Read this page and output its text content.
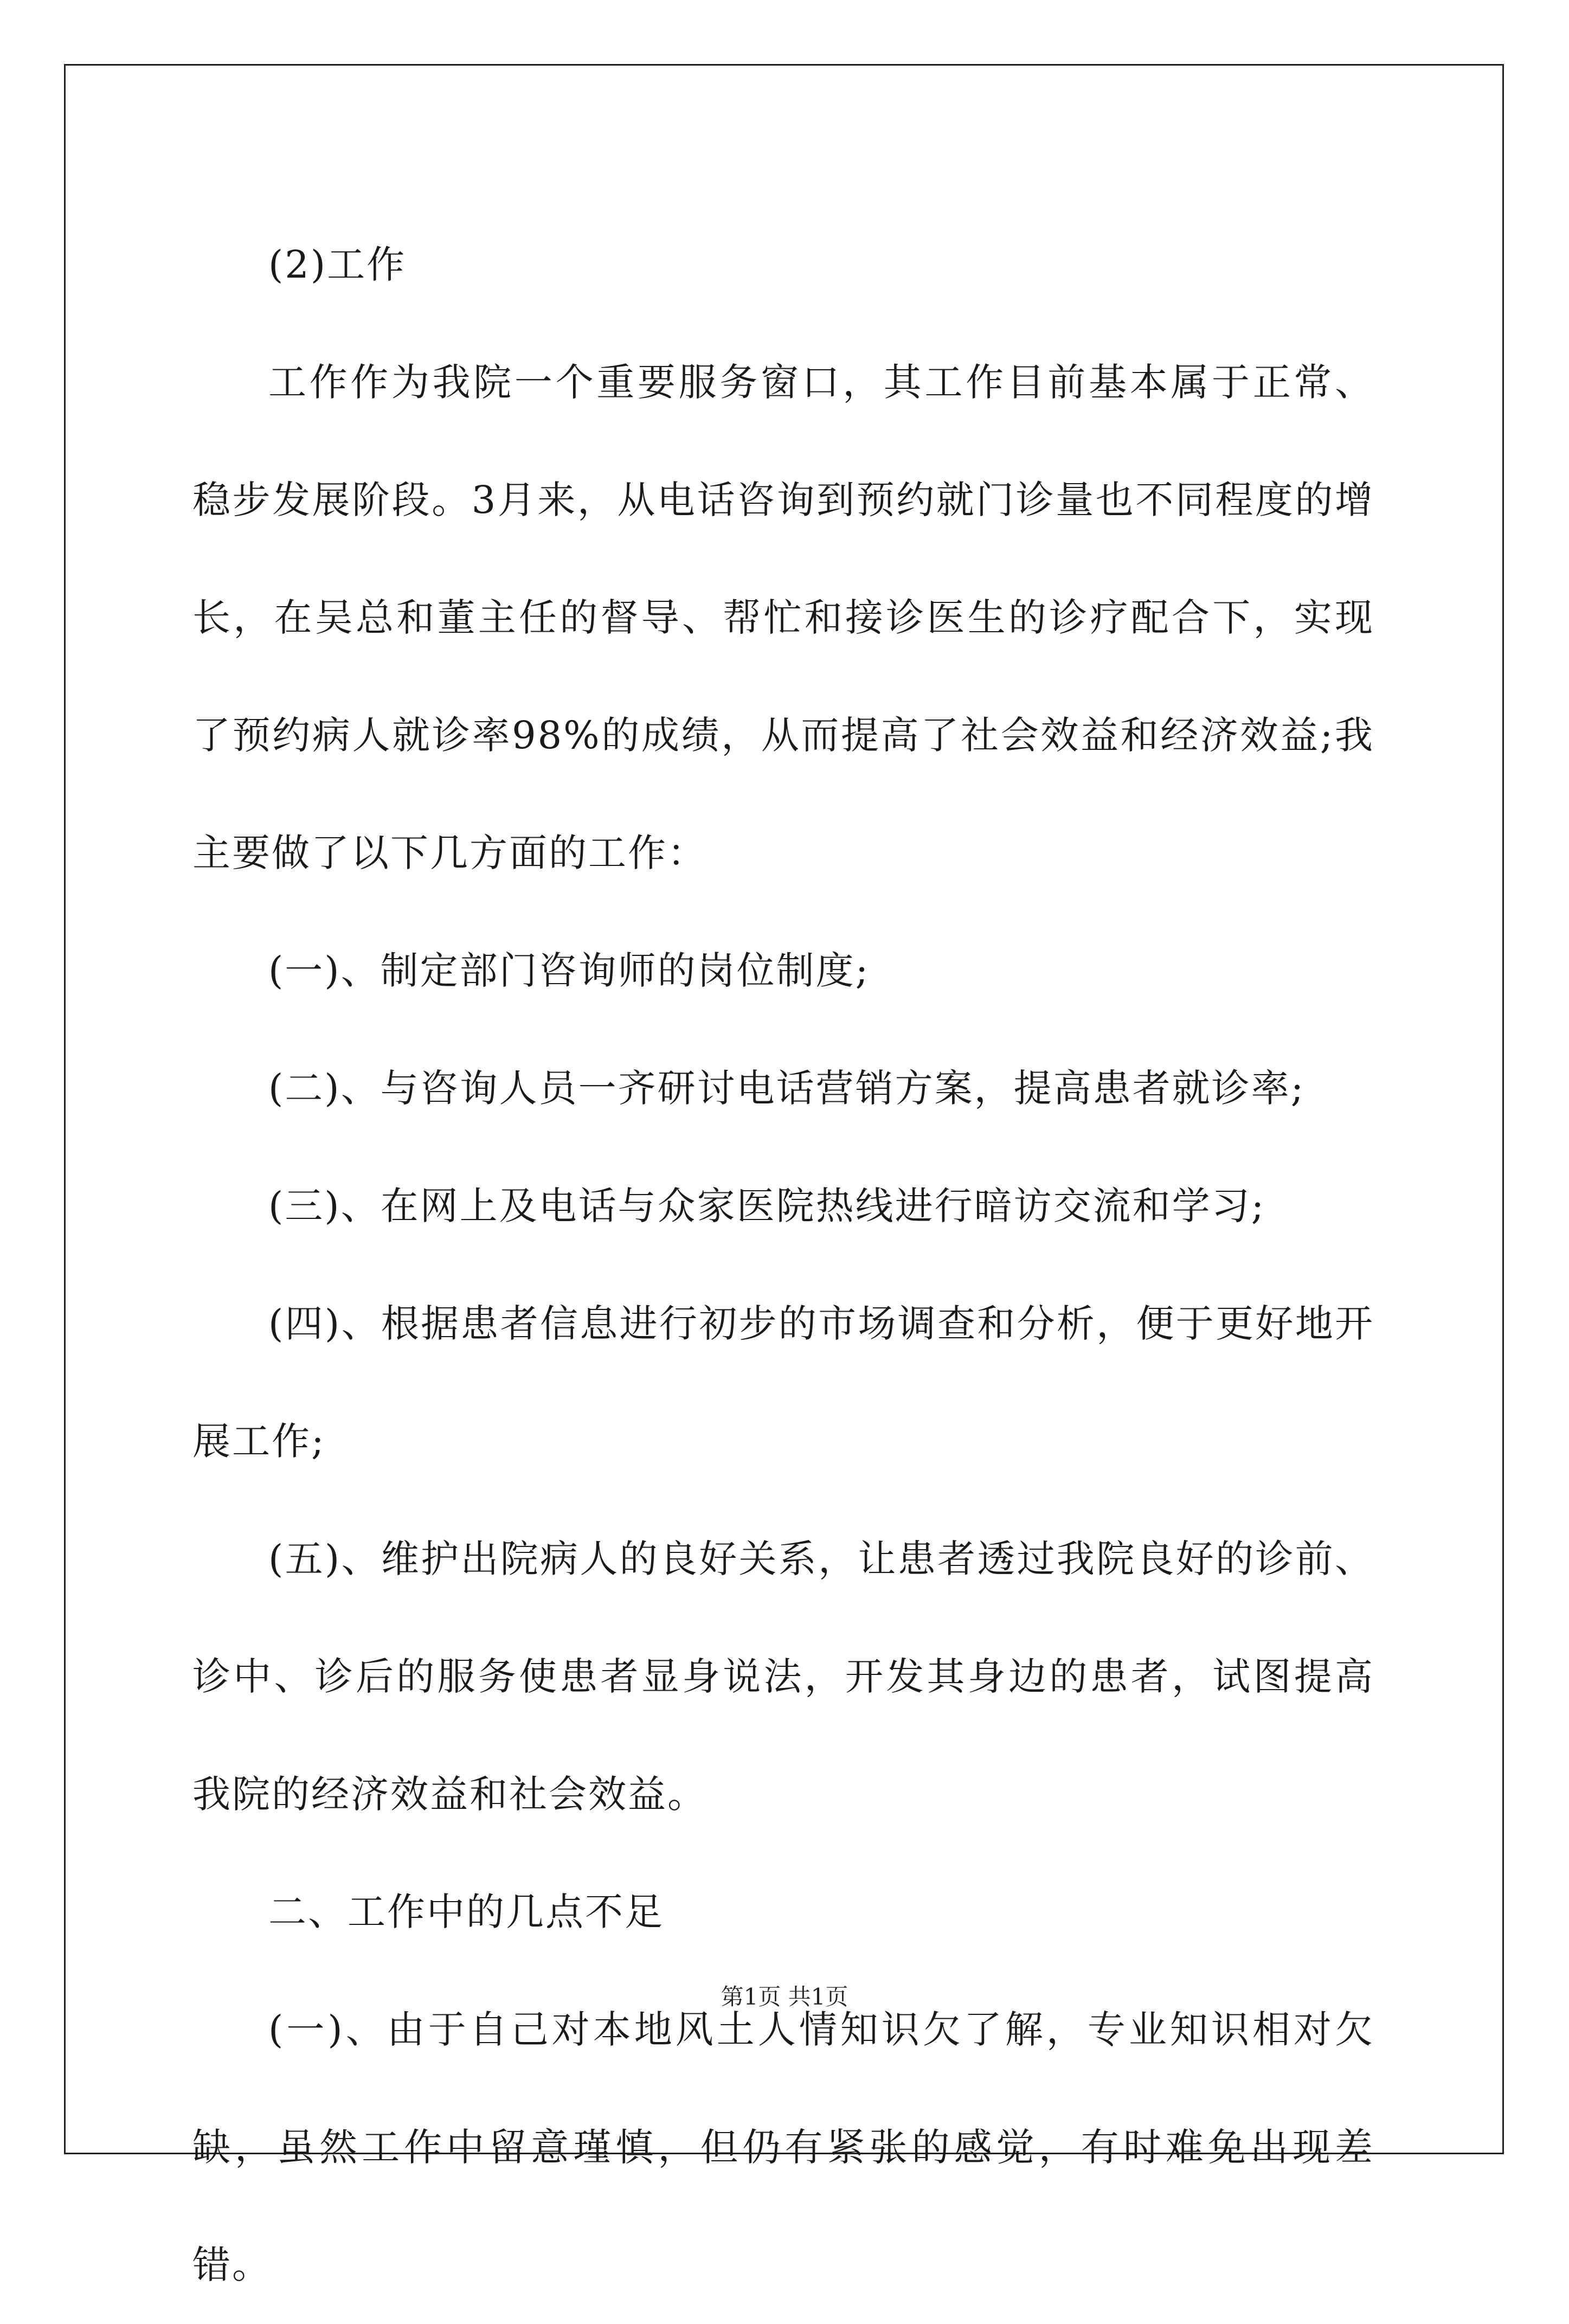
(2)工作

工作作为我院一个重要服务窗口，其工作目前基本属于正常、稳步发展阶段。3月来，从电话咨询到预约就门诊量也不同程度的增长，在吴总和董主任的督导、帮忙和接诊医生的诊疗配合下，实现了预约病人就诊率98%的成绩，从而提高了社会效益和经济效益;我主要做了以下几方面的工作：

(一)、制定部门咨询师的岗位制度;

(二)、与咨询人员一齐研讨电话营销方案，提高患者就诊率;

(三)、在网上及电话与众家医院热线进行暗访交流和学习;

(四)、根据患者信息进行初步的市场调查和分析，便于更好地开展工作;

(五)、维护出院病人的良好关系，让患者透过我院良好的诊前、诊中、诊后的服务使患者显身说法，开发其身边的患者，试图提高我院的经济效益和社会效益。

二、工作中的几点不足

(一)、由于自己对本地风土人情知识欠了解，专业知识相对欠缺，虽然工作中留意瑾慎，但仍有紧张的感觉，有时难免出现差错。

第1页 共1页
